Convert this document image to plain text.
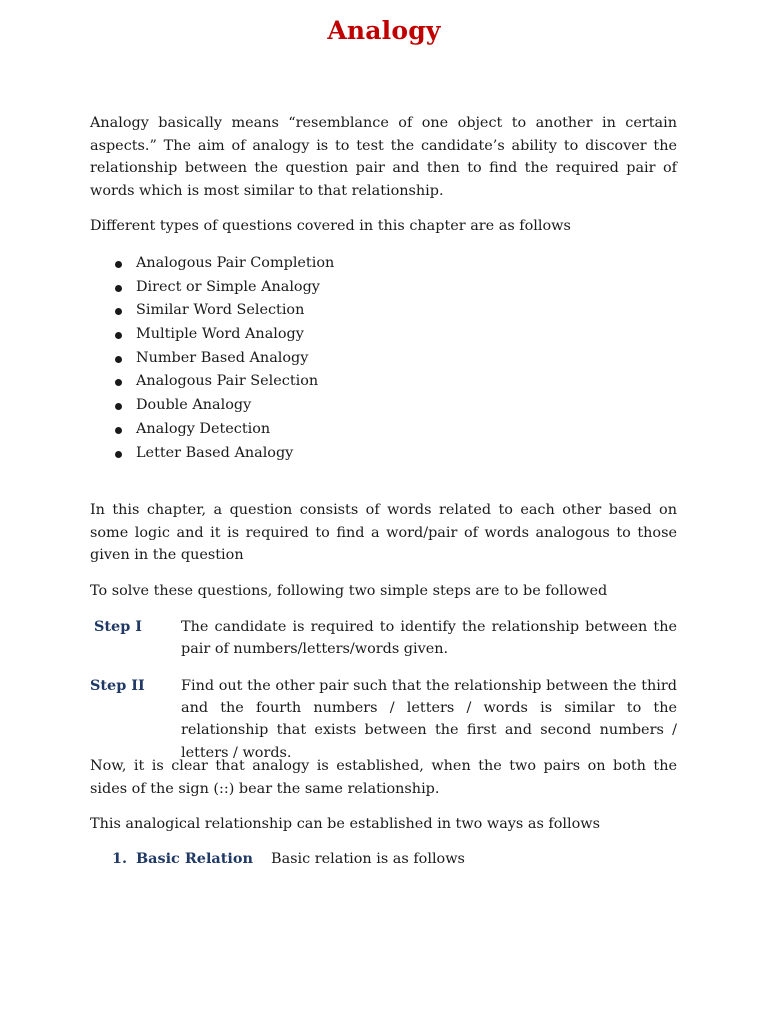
Analogy

Analogy basically means “resemblance of one object to another in certain aspects.” The aim of analogy is to test the candidate’s ability to discover the relationship between the question pair and then to find the required pair of words which is most similar to that relationship.

Different types of questions covered in this chapter are as follows

Analogous Pair Completion
Direct or Simple Analogy
Similar Word Selection
Multiple Word Analogy
Number Based Analogy
Analogous Pair Selection
Double Analogy
Analogy Detection
Letter Based Analogy

In this chapter, a question consists of words related to each other based on some logic and it is required to find a word/pair of words analogous to those given in the question

To solve these questions, following two simple steps are to be followed

Step I	The candidate is required to identify the relationship between the pair of numbers/letters/words given.
Step II	Find out the other pair such that the relationship between the third and the fourth numbers / letters / words is similar to the relationship that exists between the first and second numbers / letters / words.

Now, it is clear that analogy is established, when the two pairs on both the sides of the sign (::) bear the same relationship.

This analogical relationship can be established in two ways as follows

1. Basic Relation Basic relation is as follows
